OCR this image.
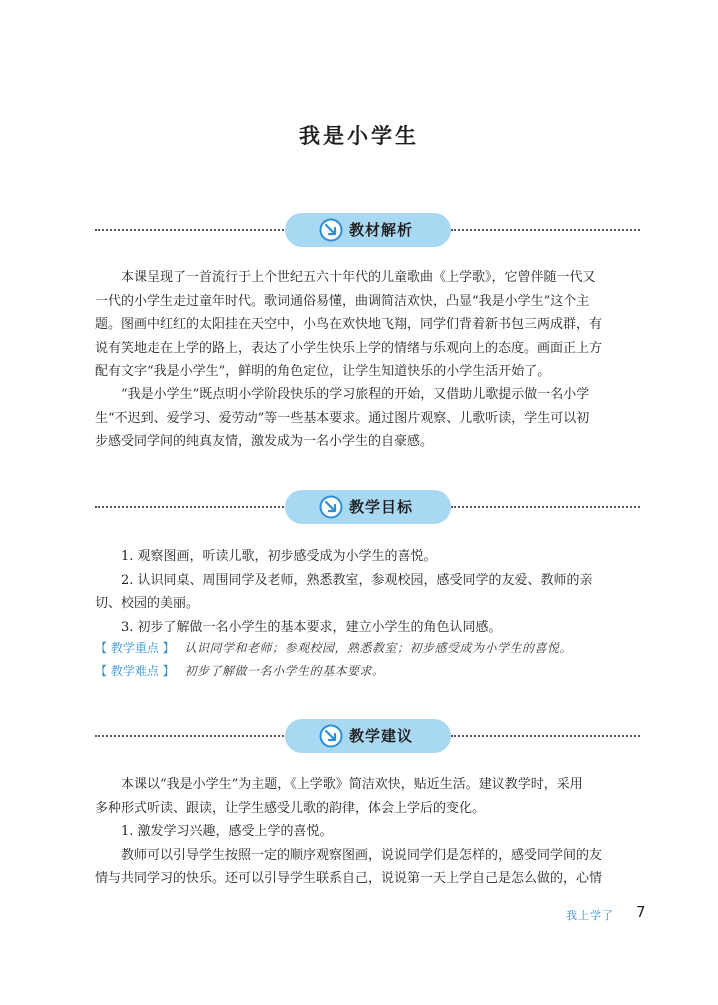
我是小学生
教材解析
本课呈现了一首流行于上个世纪五六十年代的儿童歌曲《上学歌》，它曾伴随一代又
一代的小学生走过童年时代。歌词通俗易懂，曲调简洁欢快，凸显“我是小学生”这个主
题。图画中红红的太阳挂在天空中，小鸟在欢快地飞翔，同学们背着新书包三两成群，有
说有笑地走在上学的路上，表达了小学生快乐上学的情绪与乐观向上的态度。画面正上方
配有文字“我是小学生”，鲜明的角色定位，让学生知道快乐的小学生活开始了。
“我是小学生”既点明小学阶段快乐的学习旅程的开始，又借助儿歌提示做一名小学
生“不迟到、爱学习、爱劳动”等一些基本要求。通过图片观察、儿歌听读，学生可以初
步感受同学间的纯真友情，激发成为一名小学生的自豪感。
教学目标
1. 观察图画，听读儿歌，初步感受成为小学生的喜悦。
2. 认识同桌、周围同学及老师，熟悉教室，参观校园，感受同学的友爱、教师的亲
切、校园的美丽。
3. 初步了解做一名小学生的基本要求，建立小学生的角色认同感。
【 教学重点 】 认识同学和老师；参观校园，熟悉教室；初步感受成为小学生的喜悦。
【 教学难点 】 初步了解做一名小学生的基本要求。
教学建议
本课以“我是小学生”为主题，《上学歌》简洁欢快，贴近生活。建议教学时，采用
多种形式听读、跟读，让学生感受儿歌的韵律，体会上学后的变化。
1. 激发学习兴趣，感受上学的喜悦。
教师可以引导学生按照一定的顺序观察图画，说说同学们是怎样的，感受同学间的友
情与共同学习的快乐。还可以引导学生联系自己，说说第一天上学自己是怎么做的，心情
我上学了 7
